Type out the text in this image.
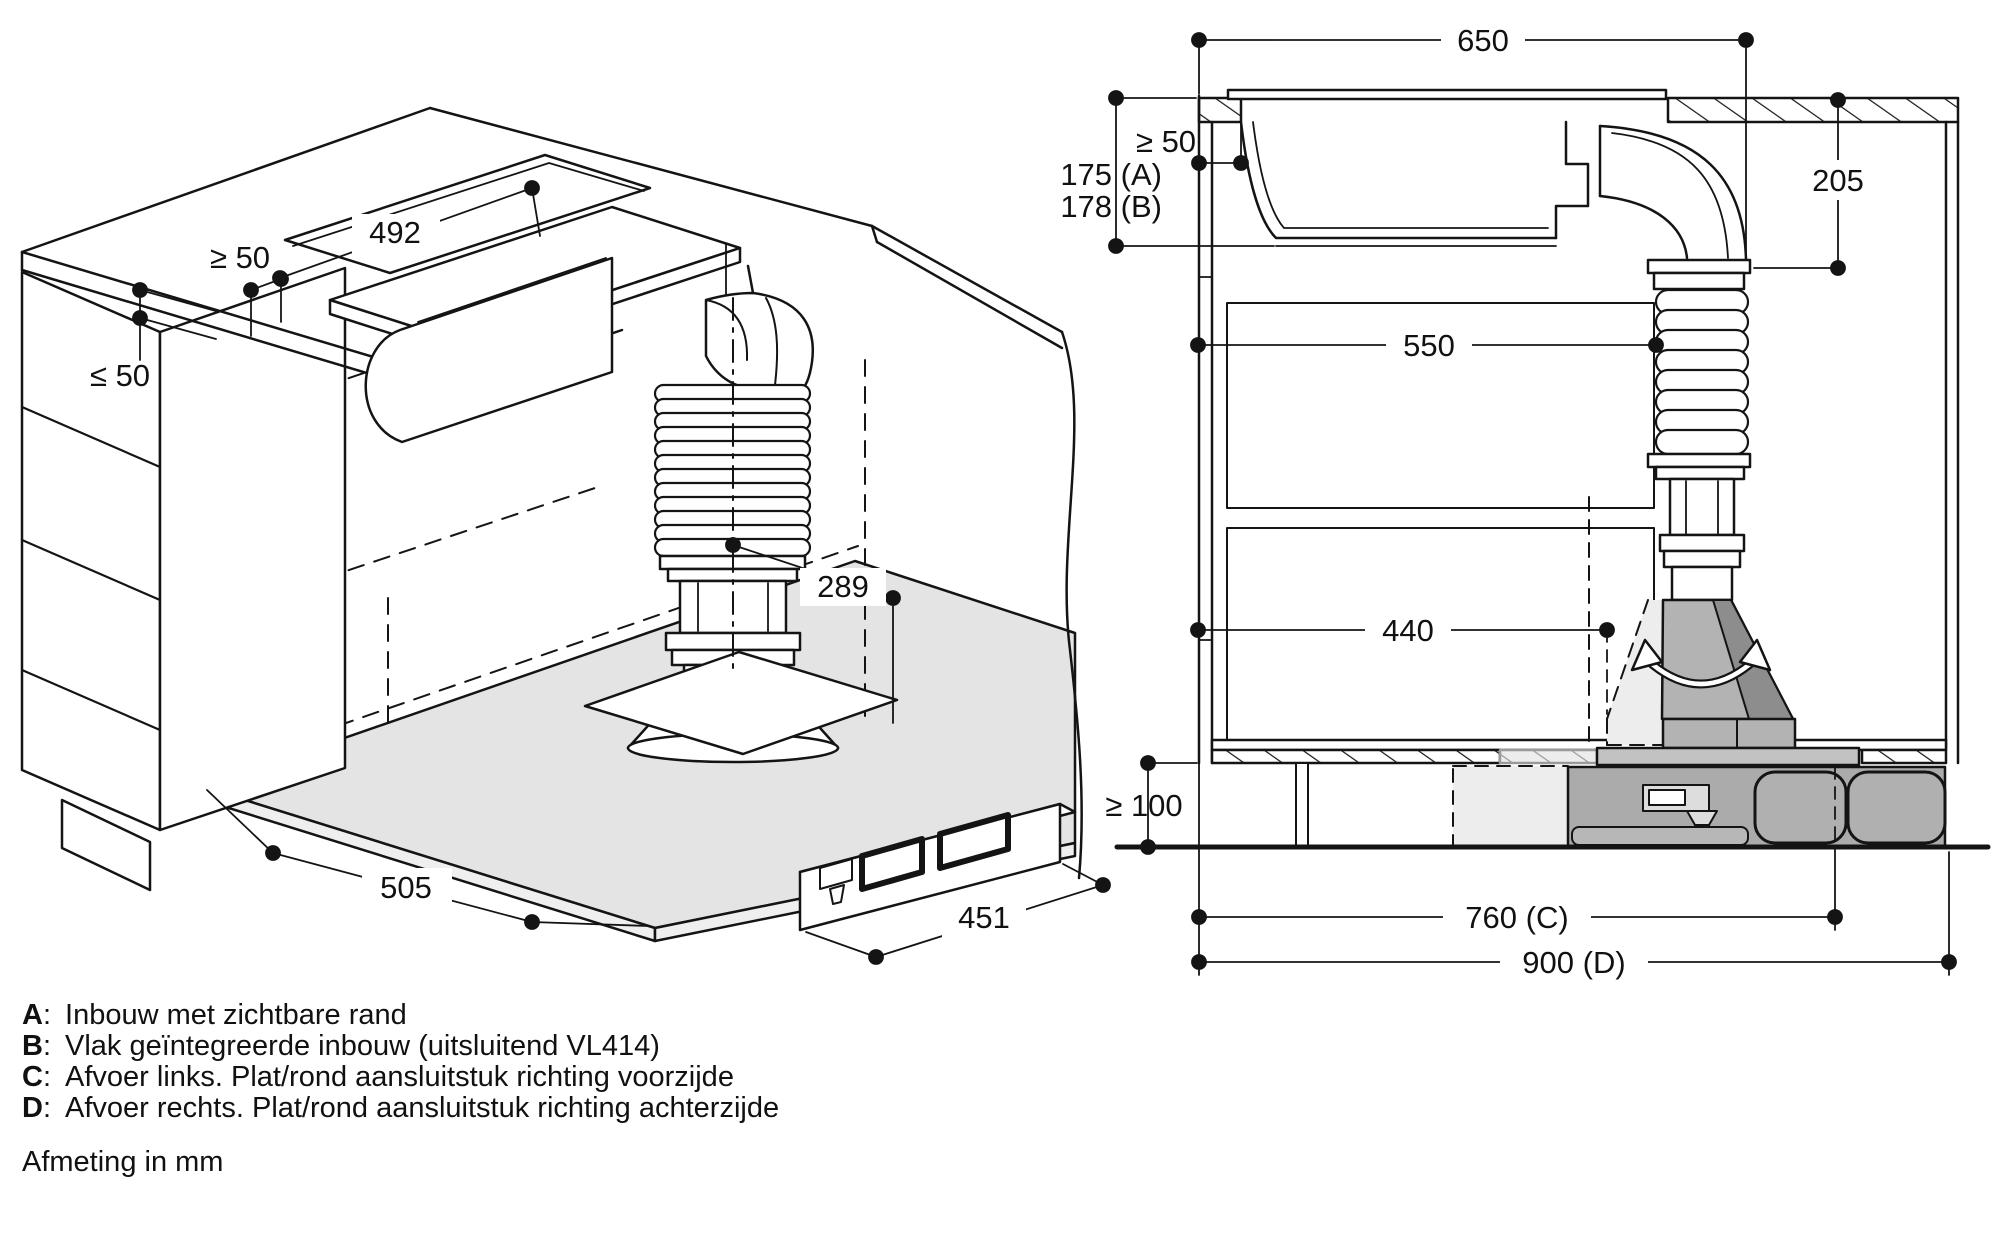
492
≥ 50
≤ 50
289
505
451
650
≥ 50
175 (A)
178 (B)
205
550
440
≥ 100
760 (C)
900 (D)
A: Inbouw met zichtbare rand
B: Vlak geïntegreerde inbouw (uitsluitend VL414)
C: Afvoer links. Plat/rond aansluitstuk richting voorzijde
D: Afvoer rechts. Plat/rond aansluitstuk richting achterzijde
Afmeting in mm
